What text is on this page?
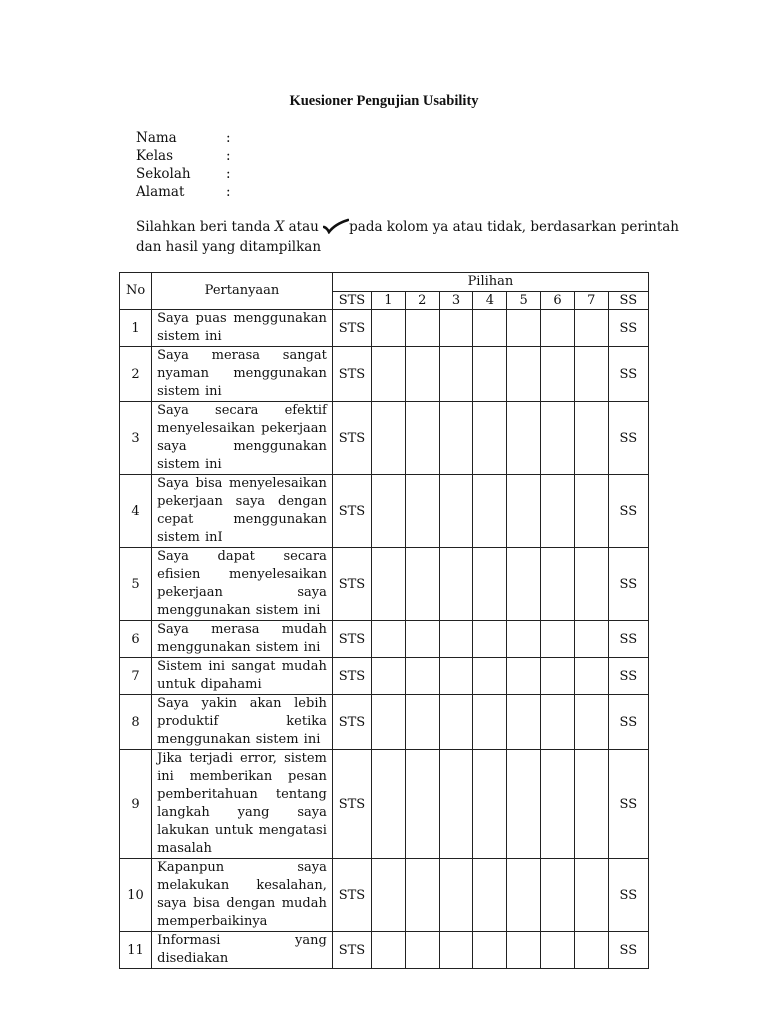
Kuesioner Pengujian Usability
Nama	:
Kelas	:
Sekolah	:
Alamat	:
Silahkan beri tanda X atau pada kolom ya atau tidak, berdasarkan perintah dan hasil yang ditampilkan
No	Pertanyaan	Pilihan								
		STS	1	2	3	4	5	6	7	SS
1	Saya puas menggunakan sistem ini	STS								SS
2	Saya merasa sangat nyaman menggunakan sistem ini	STS								SS
3	Saya secara efektif menyelesaikan pekerjaan saya menggunakan sistem ini	STS								SS
4	Saya bisa menyelesaikan pekerjaan saya dengan cepat menggunakan sistem inI	STS								SS
5	Saya dapat secara efisien menyelesaikan pekerjaan saya menggunakan sistem ini	STS								SS
6	Saya merasa mudah menggunakan sistem ini	STS								SS
7	Sistem ini sangat mudah untuk dipahami	STS								SS
8	Saya yakin akan lebih produktif ketika menggunakan sistem ini	STS								SS
9	Jika terjadi error, sistem ini memberikan pesan pemberitahuan tentang langkah yang saya lakukan untuk mengatasi masalah	STS								SS
10	Kapanpun saya melakukan kesalahan, saya bisa dengan mudah memperbaikinya	STS								SS
11	Informasi yang disediakan	STS								SS
